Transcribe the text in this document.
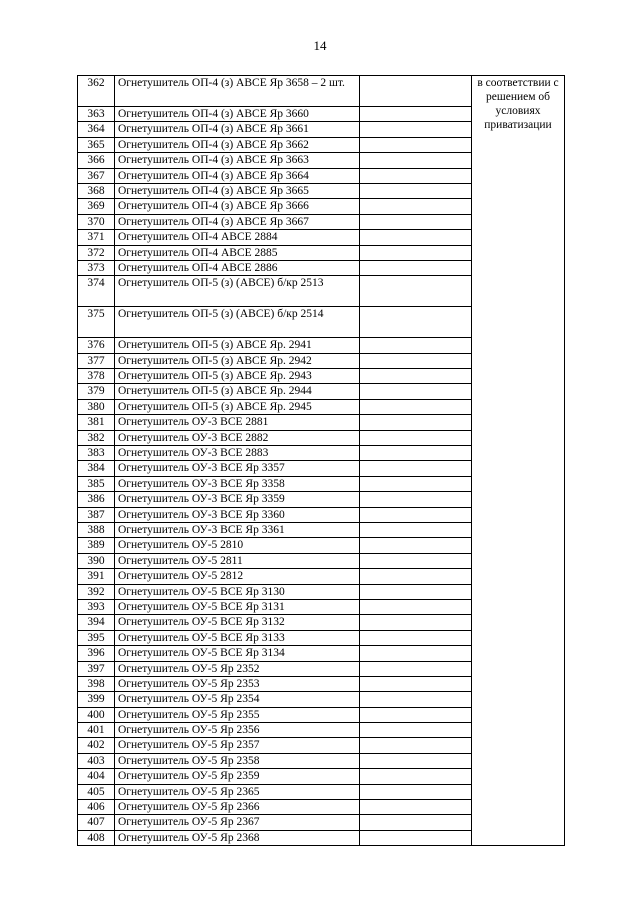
14
362	Огнетушитель ОП-4 (з) АВСЕ Яр 3658 – 2 шт.		в соответствии с решением об условиях приватизации
363	Огнетушитель ОП-4 (з) АВСЕ Яр 3660		
364	Огнетушитель ОП-4 (з) АВСЕ Яр 3661		
365	Огнетушитель ОП-4 (з) АВСЕ Яр 3662		
366	Огнетушитель ОП-4 (з) АВСЕ Яр 3663		
367	Огнетушитель ОП-4 (з) АВСЕ Яр 3664		
368	Огнетушитель ОП-4 (з) АВСЕ Яр 3665		
369	Огнетушитель ОП-4 (з) АВСЕ Яр 3666		
370	Огнетушитель ОП-4 (з) АВСЕ Яр 3667		
371	Огнетушитель ОП-4 АВСЕ 2884		
372	Огнетушитель ОП-4 АВСЕ 2885		
373	Огнетушитель ОП-4 АВСЕ 2886		
374	Огнетушитель ОП-5 (з) (АВСЕ) б/кр 2513		
375	Огнетушитель ОП-5 (з) (АВСЕ) б/кр 2514		
376	Огнетушитель ОП-5 (з) АВСЕ Яр. 2941		
377	Огнетушитель ОП-5 (з) АВСЕ Яр. 2942		
378	Огнетушитель ОП-5 (з) АВСЕ Яр. 2943		
379	Огнетушитель ОП-5 (з) АВСЕ Яр. 2944		
380	Огнетушитель ОП-5 (з) АВСЕ Яр. 2945		
381	Огнетушитель ОУ-3 ВСЕ 2881		
382	Огнетушитель ОУ-3 ВСЕ 2882		
383	Огнетушитель ОУ-3 ВСЕ 2883		
384	Огнетушитель ОУ-3 ВСЕ Яр 3357		
385	Огнетушитель ОУ-3 ВСЕ Яр 3358		
386	Огнетушитель ОУ-3 ВСЕ Яр 3359		
387	Огнетушитель ОУ-3 ВСЕ Яр 3360		
388	Огнетушитель ОУ-3 ВСЕ Яр 3361		
389	Огнетушитель ОУ-5 2810		
390	Огнетушитель ОУ-5 2811		
391	Огнетушитель ОУ-5 2812		
392	Огнетушитель ОУ-5 ВСЕ Яр 3130		
393	Огнетушитель ОУ-5 ВСЕ Яр 3131		
394	Огнетушитель ОУ-5 ВСЕ Яр 3132		
395	Огнетушитель ОУ-5 ВСЕ Яр 3133		
396	Огнетушитель ОУ-5 ВСЕ Яр 3134		
397	Огнетушитель ОУ-5 Яр 2352		
398	Огнетушитель ОУ-5 Яр 2353		
399	Огнетушитель ОУ-5 Яр 2354		
400	Огнетушитель ОУ-5 Яр 2355		
401	Огнетушитель ОУ-5 Яр 2356		
402	Огнетушитель ОУ-5 Яр 2357		
403	Огнетушитель ОУ-5 Яр 2358		
404	Огнетушитель ОУ-5 Яр 2359		
405	Огнетушитель ОУ-5 Яр 2365		
406	Огнетушитель ОУ-5 Яр 2366		
407	Огнетушитель ОУ-5 Яр 2367		
408	Огнетушитель ОУ-5 Яр 2368		
